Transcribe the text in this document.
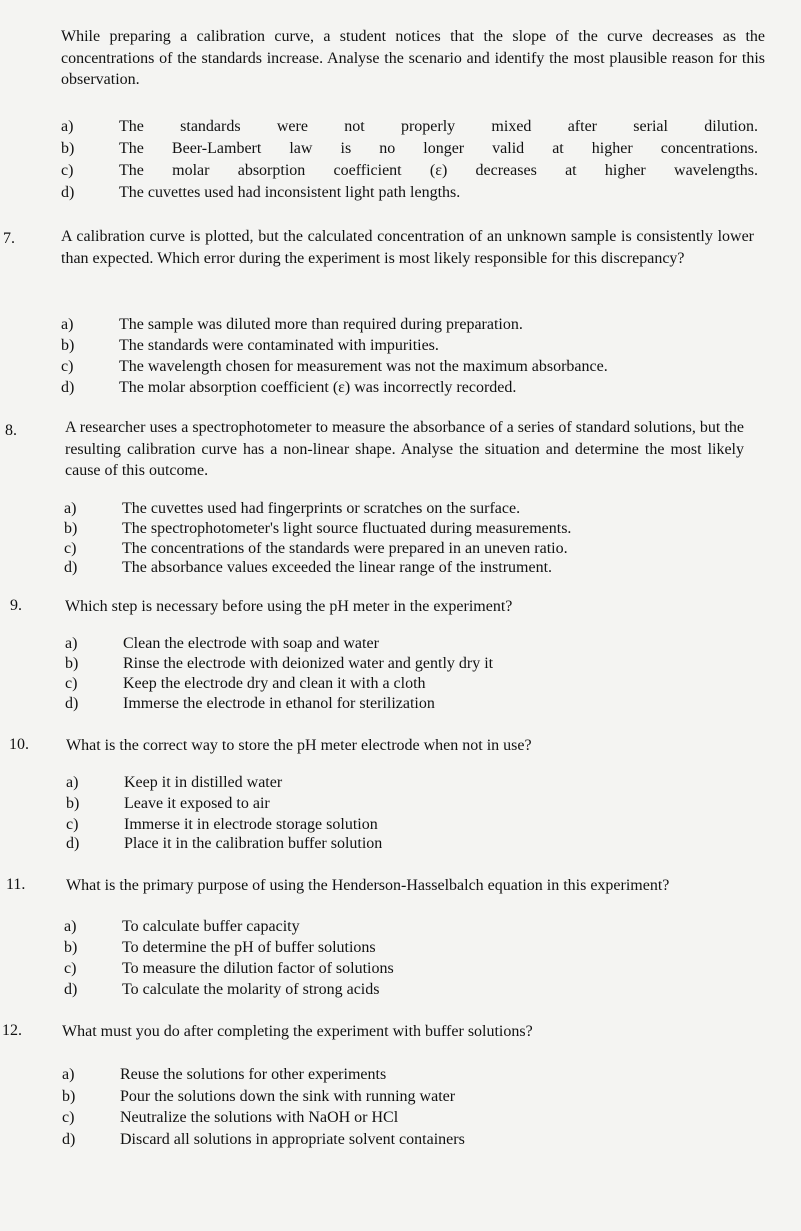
While preparing a calibration curve, a student notices that the slope of the curve decreases as the concentrations of the standards increase. Analyse the scenario and identify the most plausible reason for this observation.
a)	The standards were not properly mixed after serial dilution.
b)	The Beer-Lambert law is no longer valid at higher concentrations.
c)	The molar absorption coefficient (ε) decreases at higher wavelengths.
d)	The cuvettes used had inconsistent light path lengths.
7.	A calibration curve is plotted, but the calculated concentration of an unknown sample is consistently lower than expected. Which error during the experiment is most likely responsible for this discrepancy?
a)	The sample was diluted more than required during preparation.
b)	The standards were contaminated with impurities.
c)	The wavelength chosen for measurement was not the maximum absorbance.
d)	The molar absorption coefficient (ε) was incorrectly recorded.
8.	A researcher uses a spectrophotometer to measure the absorbance of a series of standard solutions, but the resulting calibration curve has a non-linear shape. Analyse the situation and determine the most likely cause of this outcome.
a)	The cuvettes used had fingerprints or scratches on the surface.
b)	The spectrophotometer's light source fluctuated during measurements.
c)	The concentrations of the standards were prepared in an uneven ratio.
d)	The absorbance values exceeded the linear range of the instrument.
9.	Which step is necessary before using the pH meter in the experiment?
a)	Clean the electrode with soap and water
b)	Rinse the electrode with deionized water and gently dry it
c)	Keep the electrode dry and clean it with a cloth
d)	Immerse the electrode in ethanol for sterilization
10. What is the correct way to store the pH meter electrode when not in use?
a)	Keep it in distilled water
b)	Leave it exposed to air
c)	Immerse it in electrode storage solution
d)	Place it in the calibration buffer solution
11.	What is the primary purpose of using the Henderson-Hasselbalch equation in this experiment?
a)	To calculate buffer capacity
b)	To determine the pH of buffer solutions
c)	To measure the dilution factor of solutions
d)	To calculate the molarity of strong acids
12.	What must you do after completing the experiment with buffer solutions?
a)	Reuse the solutions for other experiments
b)	Pour the solutions down the sink with running water
c)	Neutralize the solutions with NaOH or HCl
d)	Discard all solutions in appropriate solvent containers
